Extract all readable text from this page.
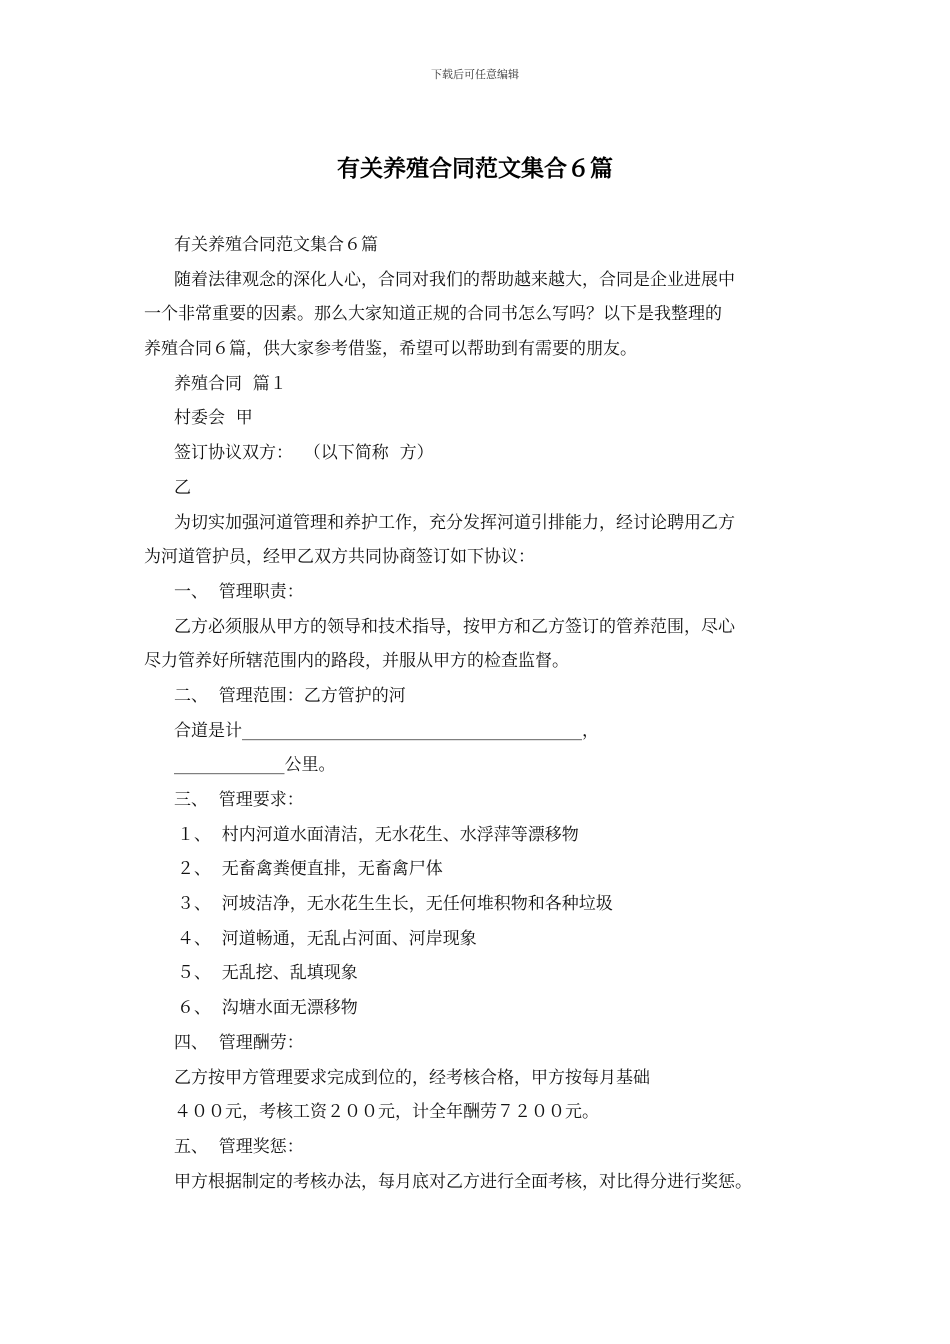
下载后可任意编辑
有关养殖合同范文集合６篇
有关养殖合同范文集合６篇
随着法律观念的深化人心，合同对我们的帮助越来越大，合同是企业进展中
一个非常重要的因素。那么大家知道正规的合同书怎么写吗？以下是我整理的
养殖合同６篇，供大家参考借鉴，希望可以帮助到有需要的朋友。
养殖合同  篇１
村委会  甲
签订协议双方：  （以下简称  方）
乙
为切实加强河道管理和养护工作，充分发挥河道引排能力，经讨论聘用乙方
为河道管护员，经甲乙双方共同协商签订如下协议：
一、  管理职责：
乙方必须服从甲方的领导和技术指导，按甲方和乙方签订的管养范围，尽心
尽力管养好所辖范围内的路段，并服从甲方的检查监督。
二、  管理范围：乙方管护的河
合道是计________________________________________，
_____________公里。
三、  管理要求：
１、  村内河道水面清洁，无水花生、水浮萍等漂移物
２、  无畜禽粪便直排，无畜禽尸体
３、  河坡洁净，无水花生生长，无任何堆积物和各种垃圾
４、  河道畅通，无乱占河面、河岸现象
５、  无乱挖、乱填现象
６、  沟塘水面无漂移物
四、  管理酬劳：
乙方按甲方管理要求完成到位的，经考核合格，甲方按每月基础
４００元，考核工资２００元，计全年酬劳７２００元。
五、  管理奖惩：
甲方根据制定的考核办法，每月底对乙方进行全面考核，对比得分进行奖惩。
